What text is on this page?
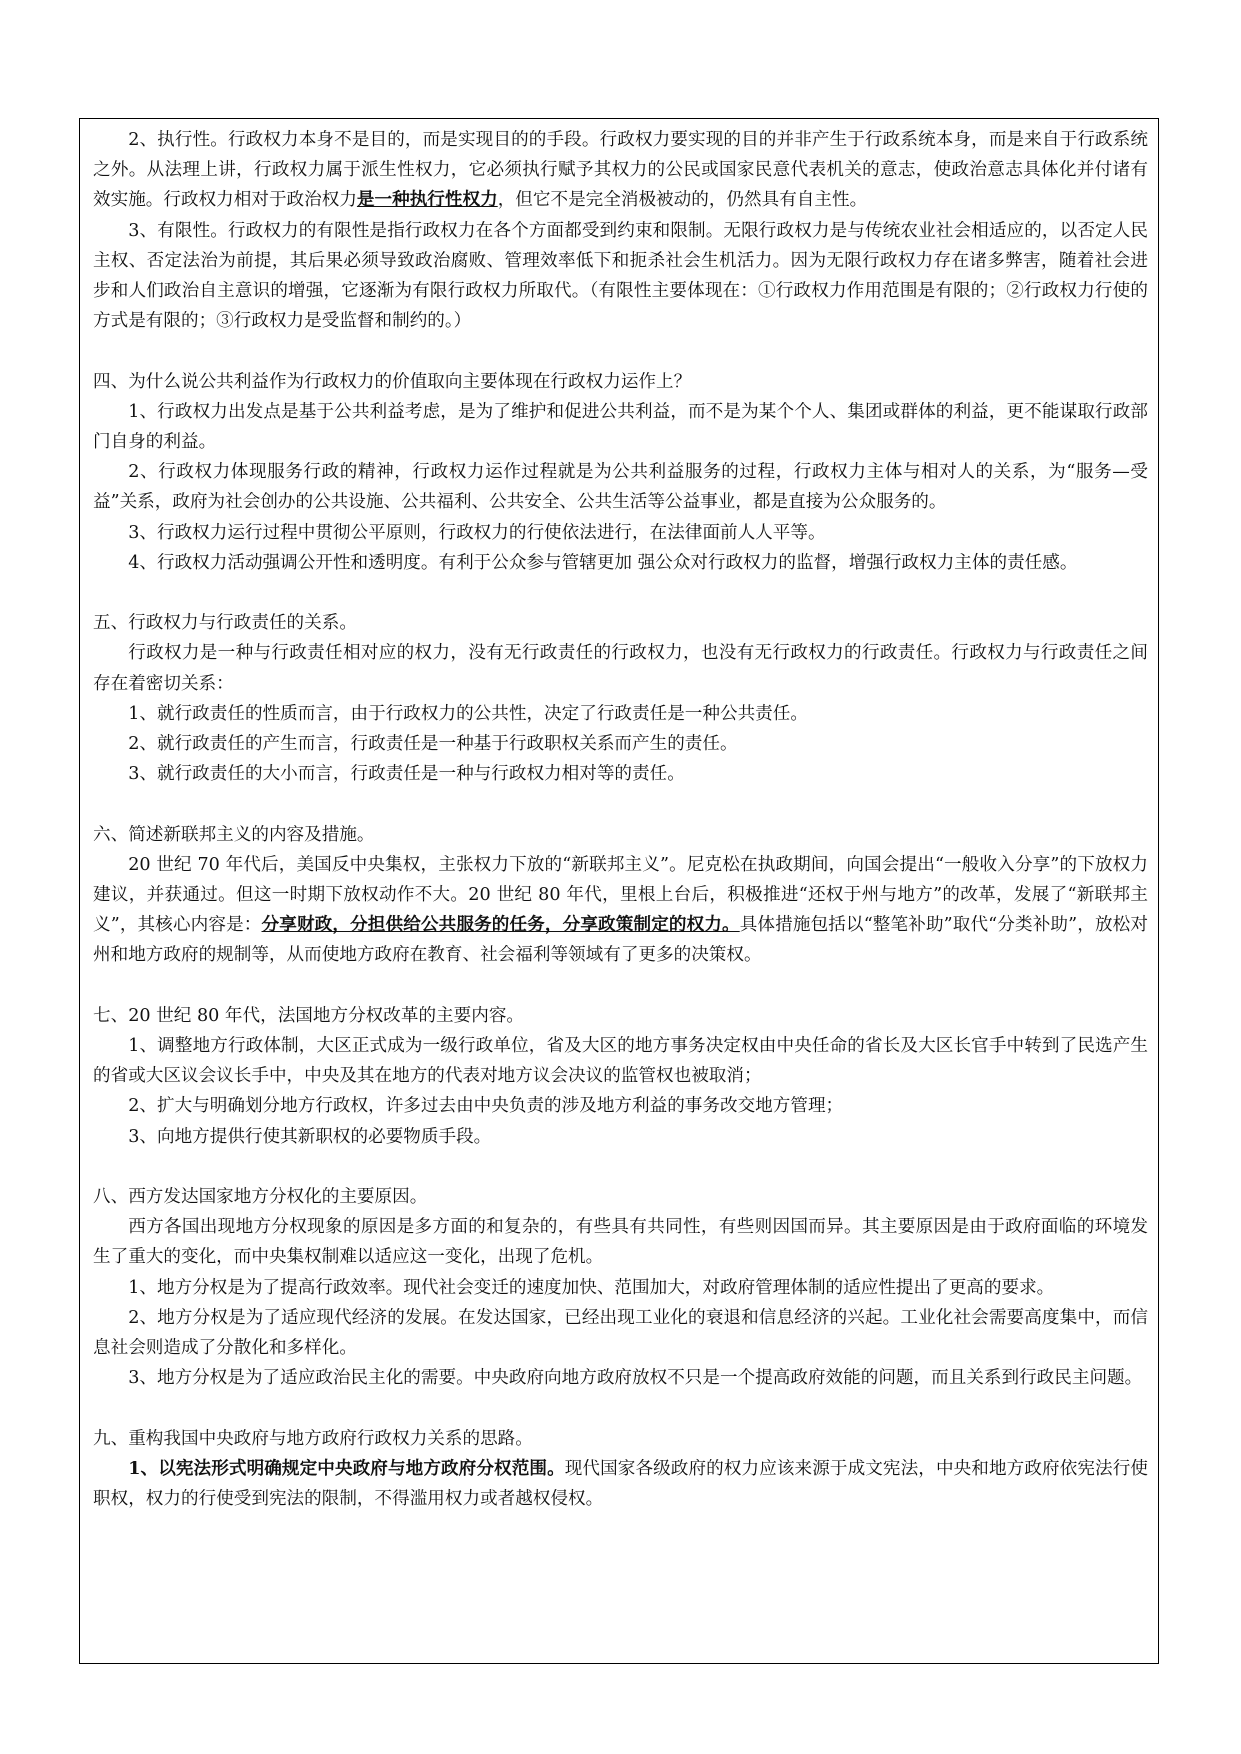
2、执行性。行政权力本身不是目的，而是实现目的的手段。行政权力要实现的目的并非产生于行政系统本身，而是来自于行政系统之外。从法理上讲，行政权力属于派生性权力，它必须执行赋予其权力的公民或国家民意代表机关的意志，使政治意志具体化并付诸有效实施。行政权力相对于政治权力是一种执行性权力，但它不是完全消极被动的，仍然具有自主性。

3、有限性。行政权力的有限性是指行政权力在各个方面都受到约束和限制。无限行政权力是与传统农业社会相适应的，以否定人民主权、否定法治为前提，其后果必须导致政治腐败、管理效率低下和扼杀社会生机活力。因为无限行政权力存在诸多弊害，随着社会进步和人们政治自主意识的增强，它逐渐为有限行政权力所取代。（有限性主要体现在：①行政权力作用范围是有限的；②行政权力行使的方式是有限的；③行政权力是受监督和制约的。）

四、为什么说公共利益作为行政权力的价值取向主要体现在行政权力运作上？

1、行政权力出发点是基于公共利益考虑，是为了维护和促进公共利益，而不是为某个个人、集团或群体的利益，更不能谋取行政部门自身的利益。

2、行政权力体现服务行政的精神，行政权力运作过程就是为公共利益服务的过程，行政权力主体与相对人的关系，为“服务—受益”关系，政府为社会创办的公共设施、公共福利、公共安全、公共生活等公益事业，都是直接为公众服务的。

3、行政权力运行过程中贯彻公平原则，行政权力的行使依法进行，在法律面前人人平等。

4、行政权力活动强调公开性和透明度。有利于公众参与管辖更加 强公众对行政权力的监督，增强行政权力主体的责任感。

五、行政权力与行政责任的关系。

行政权力是一种与行政责任相对应的权力，没有无行政责任的行政权力，也没有无行政权力的行政责任。行政权力与行政责任之间存在着密切关系：

1、就行政责任的性质而言，由于行政权力的公共性，决定了行政责任是一种公共责任。

2、就行政责任的产生而言，行政责任是一种基于行政职权关系而产生的责任。

3、就行政责任的大小而言，行政责任是一种与行政权力相对等的责任。

六、简述新联邦主义的内容及措施。

20 世纪 70 年代后，美国反中央集权，主张权力下放的“新联邦主义”。尼克松在执政期间，向国会提出“一般收入分享”的下放权力建议，并获通过。但这一时期下放权动作不大。20 世纪 80 年代，里根上台后，积极推进“还权于州与地方”的改革，发展了“新联邦主义”，其核心内容是：分享财政，分担供给公共服务的任务，分享政策制定的权力。具体措施包括以“整笔补助”取代“分类补助”，放松对州和地方政府的规制等，从而使地方政府在教育、社会福利等领域有了更多的决策权。

七、20 世纪 80 年代，法国地方分权改革的主要内容。

1、调整地方行政体制，大区正式成为一级行政单位，省及大区的地方事务决定权由中央任命的省长及大区长官手中转到了民选产生的省或大区议会议长手中，中央及其在地方的代表对地方议会决议的监管权也被取消；

2、扩大与明确划分地方行政权，许多过去由中央负责的涉及地方利益的事务改交地方管理；

3、向地方提供行使其新职权的必要物质手段。

八、西方发达国家地方分权化的主要原因。

西方各国出现地方分权现象的原因是多方面的和复杂的，有些具有共同性，有些则因国而异。其主要原因是由于政府面临的环境发生了重大的变化，而中央集权制难以适应这一变化，出现了危机。

1、地方分权是为了提高行政效率。现代社会变迁的速度加快、范围加大，对政府管理体制的适应性提出了更高的要求。

2、地方分权是为了适应现代经济的发展。在发达国家，已经出现工业化的衰退和信息经济的兴起。工业化社会需要高度集中，而信息社会则造成了分散化和多样化。

3、地方分权是为了适应政治民主化的需要。中央政府向地方政府放权不只是一个提高政府效能的问题，而且关系到行政民主问题。

九、重构我国中央政府与地方政府行政权力关系的思路。

1、以宪法形式明确规定中央政府与地方政府分权范围。现代国家各级政府的权力应该来源于成文宪法，中央和地方政府依宪法行使职权，权力的行使受到宪法的限制，不得滥用权力或者越权侵权。
